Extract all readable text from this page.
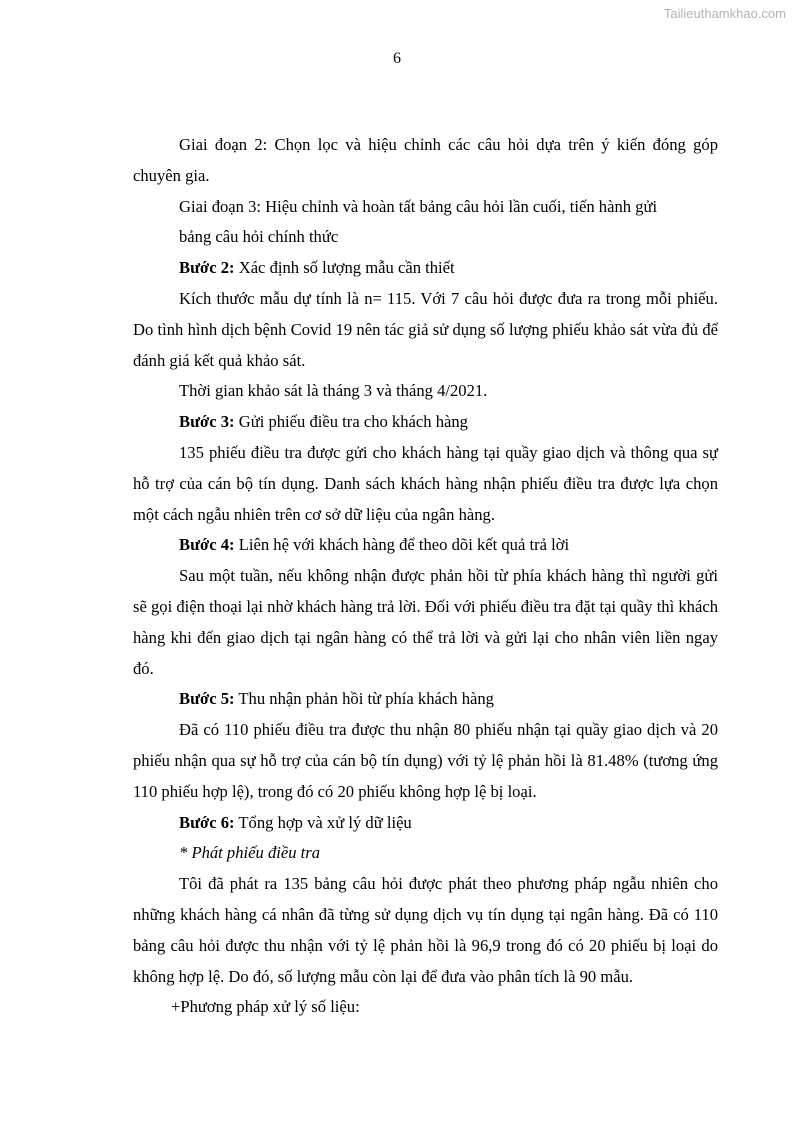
Tailieuthamkhao.com
6

Giai đoạn 2: Chọn lọc và hiệu chỉnh các câu hỏi dựa trên ý kiến đóng góp chuyên gia.

Giai đoạn 3: Hiệu chỉnh và hoàn tất bảng câu hỏi lần cuối, tiến hành gửi

bảng câu hỏi chính thức

Bước 2: Xác định số lượng mẫu cần thiết

Kích thước mẫu dự tính là n= 115. Với 7 câu hỏi được đưa ra trong mỗi phiếu. Do tình hình dịch bệnh Covid 19 nên tác giả sử dụng số lượng phiếu khảo sát vừa đủ để đánh giá kết quả khảo sát.

Thời gian khảo sát là tháng 3 và tháng 4/2021.

Bước 3: Gửi phiếu điều tra cho khách hàng

135 phiếu điều tra được gửi cho khách hàng tại quầy giao dịch và thông qua sự hỗ trợ của cán bộ tín dụng. Danh sách khách hàng nhận phiếu điều tra được lựa chọn một cách ngẫu nhiên trên cơ sở dữ liệu của ngân hàng.

Bước 4: Liên hệ với khách hàng để theo dõi kết quả trả lời

Sau một tuần, nếu không nhận được phản hồi từ phía khách hàng thì người gửi sẽ gọi điện thoại lại nhờ khách hàng trả lời. Đối với phiếu điều tra đặt tại quầy thì khách hàng khi đến giao dịch tại ngân hàng có thể trả lời và gửi lại cho nhân viên liền ngay đó.

Bước 5: Thu nhận phản hồi từ phía khách hàng

Đã có 110 phiếu điều tra được thu nhận 80 phiếu nhận tại quầy giao dịch và 20 phiếu nhận qua sự hỗ trợ của cán bộ tín dụng) với tỷ lệ phản hồi là 81.48% (tương ứng 110 phiếu hợp lệ), trong đó có 20 phiếu không hợp lệ bị loại.

Bước 6: Tổng hợp và xử lý dữ liệu

* Phát phiếu điều tra

Tôi đã phát ra 135 bảng câu hỏi được phát theo phương pháp ngẫu nhiên cho những khách hàng cá nhân đã từng sử dụng dịch vụ tín dụng tại ngân hàng. Đã có 110 bảng câu hỏi được thu nhận với tỷ lệ phản hồi là 96,9 trong đó có 20 phiếu bị loại do không hợp lệ. Do đó, số lượng mẫu còn lại để đưa vào phân tích là 90 mẫu.

+Phương pháp xử lý số liệu:
